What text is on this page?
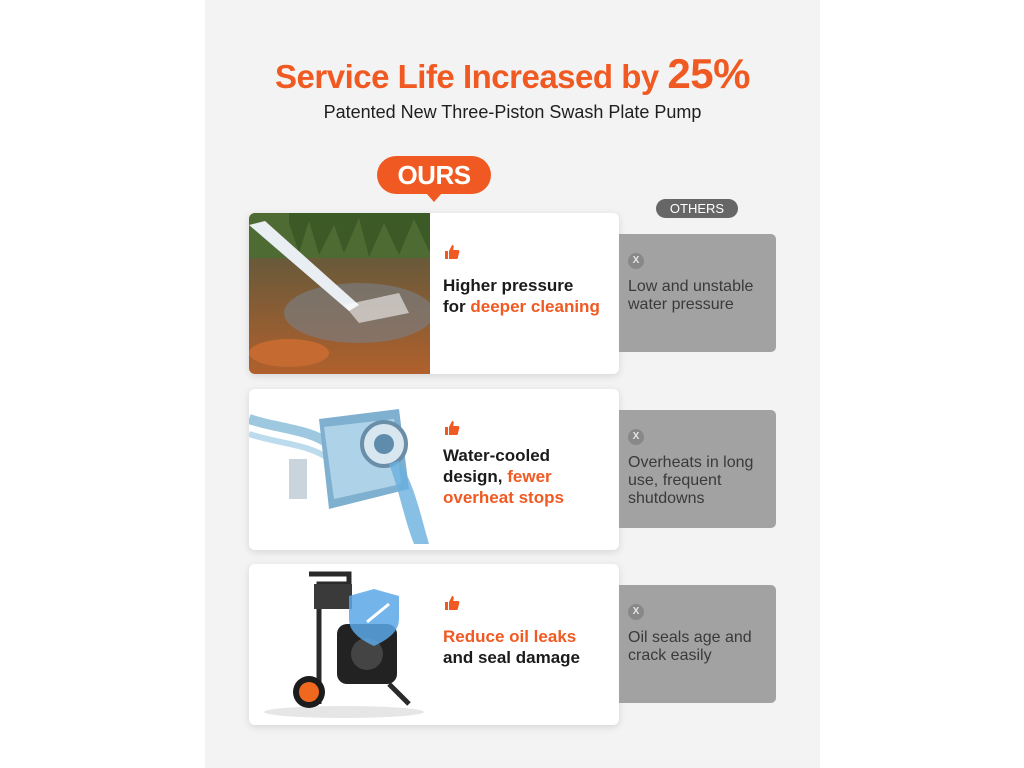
Service Life Increased by 25%
Patented New Three-Piston Swash Plate Pump
OURS
OTHERS
Higher pressure
for deeper cleaning
X
Low and unstable water pressure
Water-cooled
design, fewer overheat stops
X
Overheats in long use, frequent shutdowns
Reduce oil leaks
and seal damage
X
Oil seals age and crack easily
